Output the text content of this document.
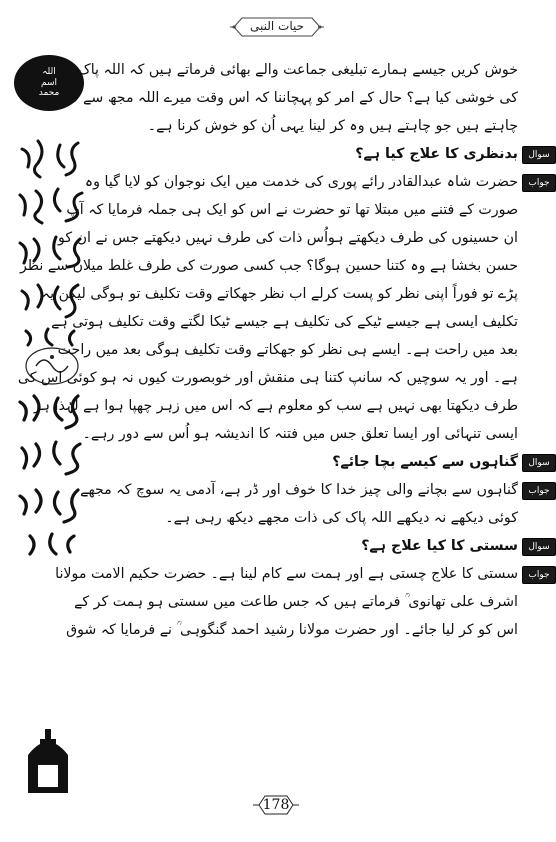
حیات النبی
اللہ
اسم
محمد
خوش کریں جیسے ہمارے تبلیغی جماعت والے بھائی فرماتے ہیں کہ اللہ پاک
کی خوشی کیا ہے؟ حال کے امر کو پہچاننا کہ اس وقت میرے اللہ مجھ سے کیا
چاہتے ہیں جو چاہتے ہیں وہ کر لینا یہی اُن کو خوش کرنا ہے۔
سوال
بدنظری کا علاج کیا ہے؟
جواب
حضرت شاہ عبدالقادر رائے پوری کی خدمت میں ایک نوجوان کو لایا گیا وہ
صورت کے فتنے میں مبتلا تھا تو حضرت نے اس کو ایک ہی جملہ فرمایا کہ آپ
ان حسینوں کی طرف دیکھتے ہواُس ذات کی طرف نہیں دیکھتے جس نے ان کو
حسن بخشا ہے وہ کتنا حسین ہوگا؟ جب کسی صورت کی طرف غلط میلان سے نظر
پڑے تو فوراً اپنی نظر کو پست کرلے اب نظر جھکاتے وقت تکلیف تو ہوگی لیکن یہ
تکلیف ایسی ہے جیسے ٹیکے کی تکلیف ہے جیسے ٹیکا لگتے وقت تکلیف ہوتی ہے
بعد میں راحت ہے۔ ایسے ہی نظر کو جھکاتے وقت تکلیف ہوگی بعد میں راحت
ہے۔ اور یہ سوچیں کہ سانپ کتنا ہی منقش اور خوبصورت کیوں نہ ہو کوئی اس کی
طرف دیکھتا بھی نہیں ہے سب کو معلوم ہے کہ اس میں زہر چھپا ہوا ہے لہٰذا ہر
ایسی تنہائی اور ایسا تعلق جس میں فتنہ کا اندیشہ ہو اُس سے دور رہے۔
سوال
گناہوں سے کیسے بچا جائے؟
جواب
گناہوں سے بچانے والی چیز خدا کا خوف اور ڈر ہے، آدمی یہ سوچ کہ مجھے
کوئی دیکھے نہ دیکھے اللہ پاک کی ذات مجھے دیکھ رہی ہے۔
سوال
سستی کا کیا علاج ہے؟
جواب
سستی کا علاج چستی ہے اور ہمت سے کام لینا ہے۔ حضرت حکیم الامت مولانا
اشرف علی تھانوی ؒ فرماتے ہیں کہ جس طاعت میں سستی ہو ہمت کر کے
اس کو کر لیا جائے۔ اور حضرت مولانا رشید احمد گنگوہی ؒ نے فرمایا کہ شوق
178
